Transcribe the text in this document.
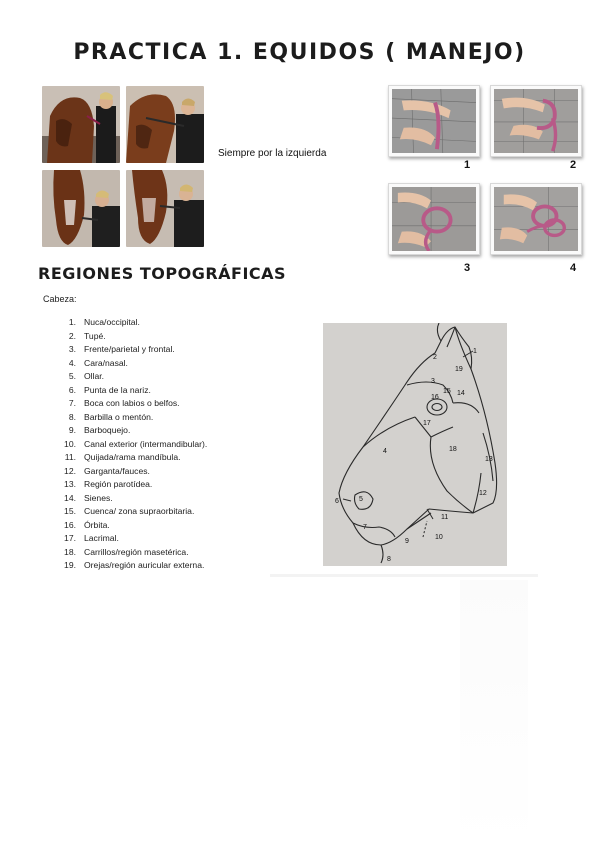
PRACTICA 1. EQUIDOS ( MANEJO)
Siempre por la izquierda
1	2
3	4
REGIONES TOPOGRÁFICAS
Cabeza:
1. Nuca/occipital.
2. Tupé.
3. Frente/parietal y frontal.
4. Cara/nasal.
5. Ollar.
6. Punta de la nariz.
7. Boca con labios o belfos.
8. Barbilla o mentón.
9. Barboquejo.
10. Canal exterior (intermandibular).
11. Quijada/rama mandíbula.
12. Garganta/fauces.
13. Región parotídea.
14. Sienes.
15. Cuenca/ zona supraorbitaria.
16. Órbita.
17. Lacrimal.
18. Carrillos/región masetérica.
19. Orejas/región auricular externa.
1
2
3
4
5
6
7
8
9
10
11
12
13
14
15
16
17
18
19
